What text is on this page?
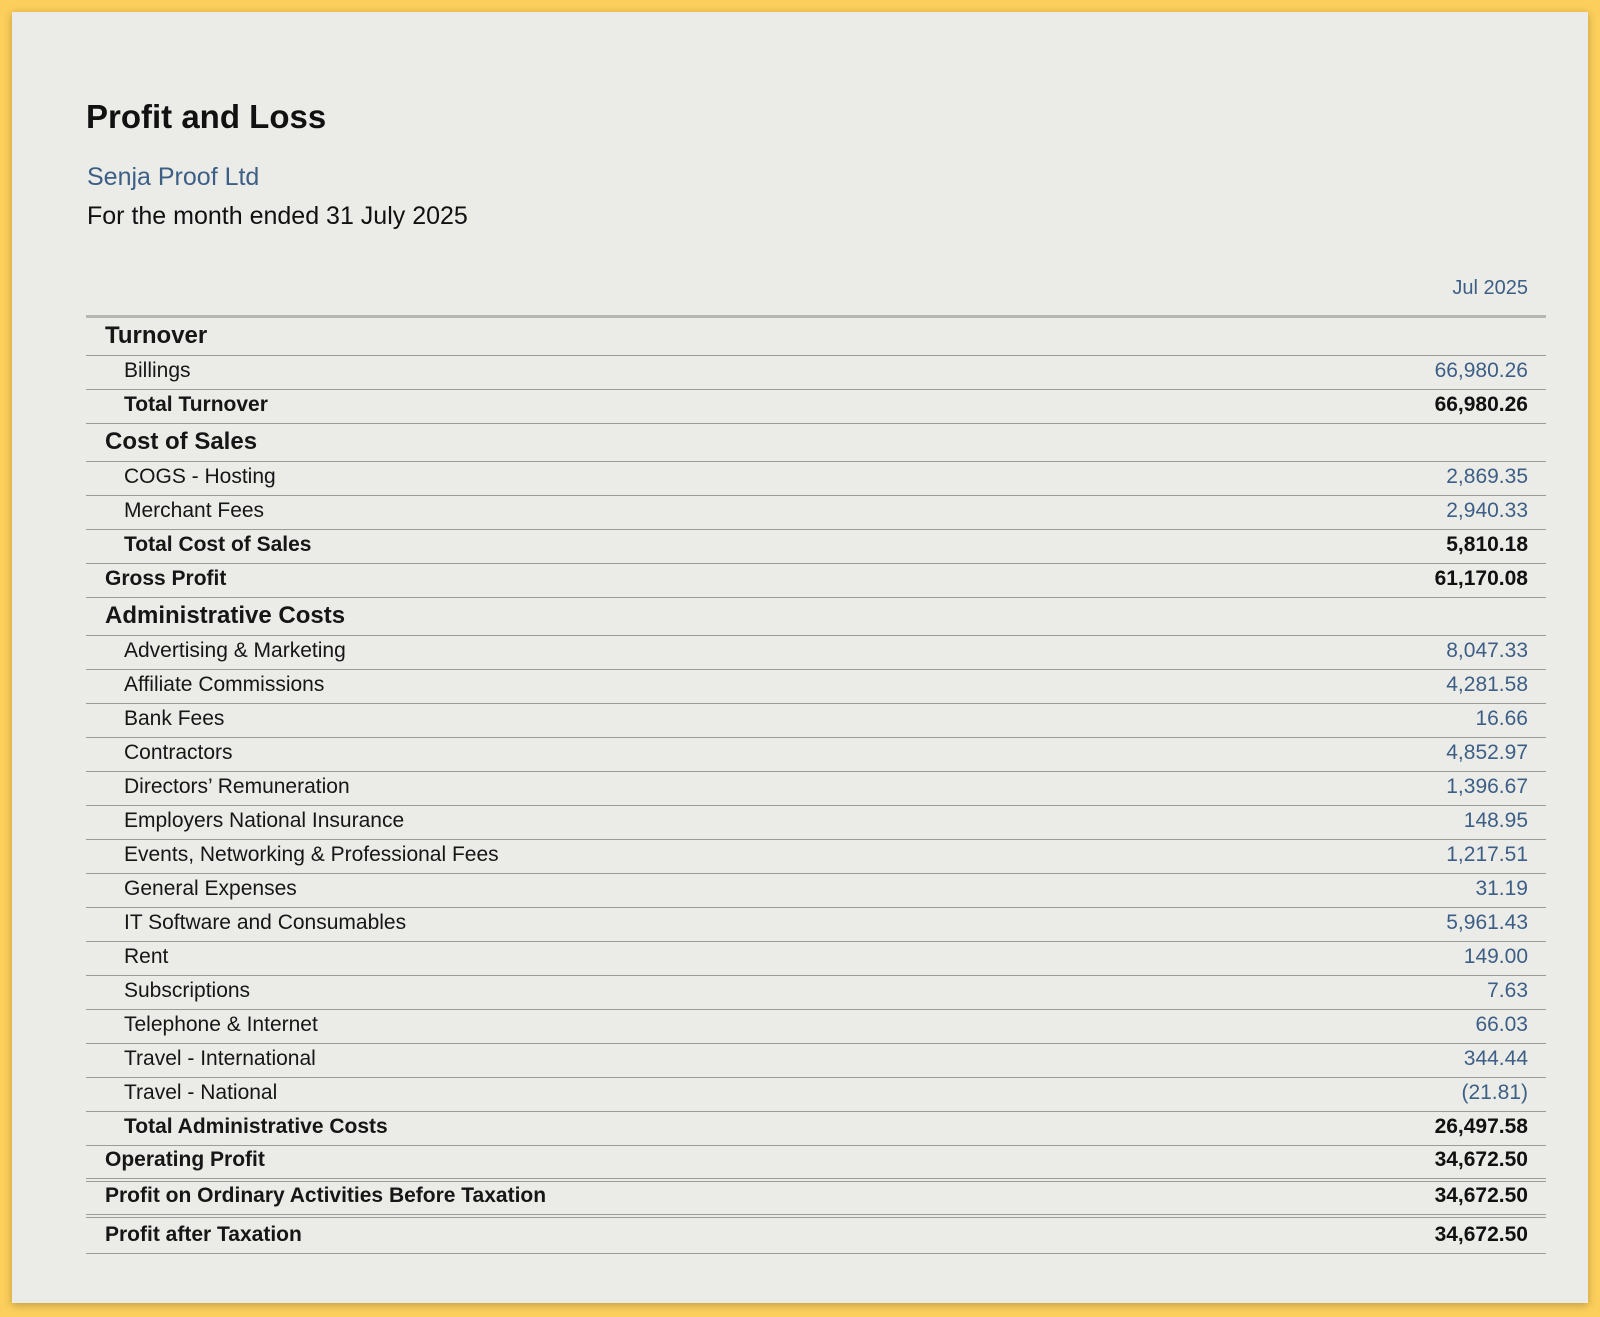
Profit and Loss
Senja Proof Ltd
For the month ended 31 July 2025
Jul 2025
Turnover
Billings	66,980.26
Total Turnover	66,980.26
Cost of Sales
COGS - Hosting	2,869.35
Merchant Fees	2,940.33
Total Cost of Sales	5,810.18
Gross Profit	61,170.08
Administrative Costs
Advertising & Marketing	8,047.33
Affiliate Commissions	4,281.58
Bank Fees	16.66
Contractors	4,852.97
Directors’ Remuneration	1,396.67
Employers National Insurance	148.95
Events, Networking & Professional Fees	1,217.51
General Expenses	31.19
IT Software and Consumables	5,961.43
Rent	149.00
Subscriptions	7.63
Telephone & Internet	66.03
Travel - International	344.44
Travel - National	(21.81)
Total Administrative Costs	26,497.58
Operating Profit	34,672.50
Profit on Ordinary Activities Before Taxation	34,672.50
Profit after Taxation	34,672.50
